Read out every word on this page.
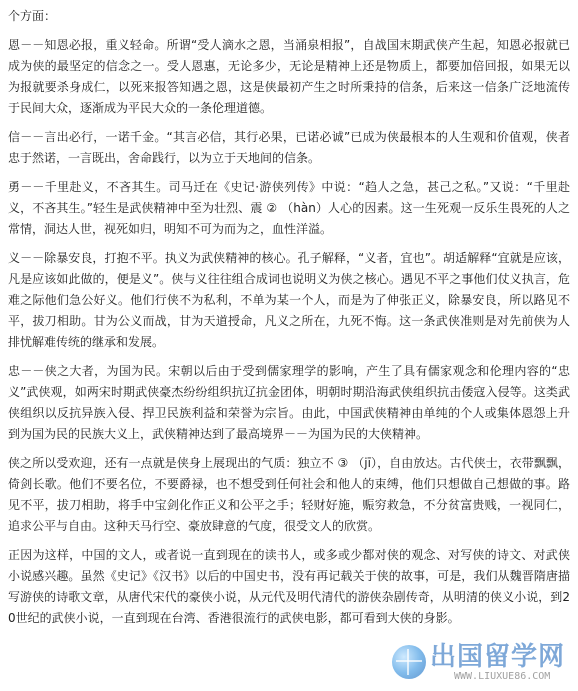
个方面：

恩－－知恩必报，重义轻命。所谓“受人滴水之恩，当涌泉相报”，自战国末期武侠产生起，知恩必报就已成为侠的最坚定的信念之一。受人恩惠，无论多少，无论是精神上还是物质上，都要加倍回报，如果无以为报就要杀身成仁，以死来报答知遇之恩，这是侠最初产生之时所秉持的信条，后来这一信条广泛地流传于民间大众，逐渐成为平民大众的一条伦理道德。

信－－言出必行，一诺千金。“其言必信，其行必果，已诺必诚”已成为侠最根本的人生观和价值观，侠者忠于然诺，一言既出，舍命践行，以为立于天地间的信条。

勇－－千里赴义，不吝其生。司马迁在《史记·游侠列传》中说：“趋人之急，甚己之私。”又说：“千里赴义，不吝其生。”轻生是武侠精神中至为壮烈、震 ② （hàn）人心的因素。这一生死观一反乐生畏死的人之常情，洞达人世，视死如归，明知不可为而为之，血性洋溢。

义－－除暴安良，打抱不平。执义为武侠精神的核心。孔子解释，“义者，宜也”。胡适解释“宜就是应该，凡是应该如此做的，便是义”。侠与义往往组合成词也说明义为侠之核心。遇见不平之事他们仗义执言，危难之际他们急公好义。他们行侠不为私利，不单为某一个人，而是为了伸张正义，除暴安良，所以路见不平，拔刀相助。甘为公义而战，甘为天道授命，凡义之所在，九死不悔。这一条武侠准则是对先前侠为人排忧解难传统的继承和发展。

忠－－侠之大者，为国为民。宋朝以后由于受到儒家理学的影响，产生了具有儒家观念和伦理内容的“忠义”武侠观，如两宋时期武侠豪杰纷纷组织抗辽抗金团体，明朝时期沿海武侠组织抗击倭寇入侵等。这类武侠组织以反抗异族入侵、捍卫民族利益和荣誉为宗旨。由此，中国武侠精神由单纯的个人或集体恩怨上升到为国为民的民族大义上，武侠精神达到了最高境界－－为国为民的大侠精神。

侠之所以受欢迎，还有一点就是侠身上展现出的气质：独立不 ③ （jī），自由放达。古代侠士，衣带飘飘，倚剑长歌。他们不要名位，不要爵禄，也不想受到任何社会和他人的束缚，他们只想做自己想做的事。路见不平，拔刀相助，将手中宝剑化作正义和公平之手；轻财好施，赈穷救急，不分贫富贵贱，一视同仁，追求公平与自由。这种天马行空、豪放肆意的气度，很受文人的欣赏。

正因为这样，中国的文人，或者说一直到现在的读书人，或多或少都对侠的观念、对写侠的诗文、对武侠小说感兴趣。虽然《史记》《汉书》以后的中国史书，没有再记载关于侠的故事，可是，我们从魏晋隋唐描写游侠的诗歌文章，从唐代宋代的豪侠小说，从元代及明代清代的游侠杂剧传奇，从明清的侠义小说，到20世纪的武侠小说，一直到现在台湾、香港很流行的武侠电影，都可看到大侠的身影。

出国留学网
WWW.LIUXUE86.COM
